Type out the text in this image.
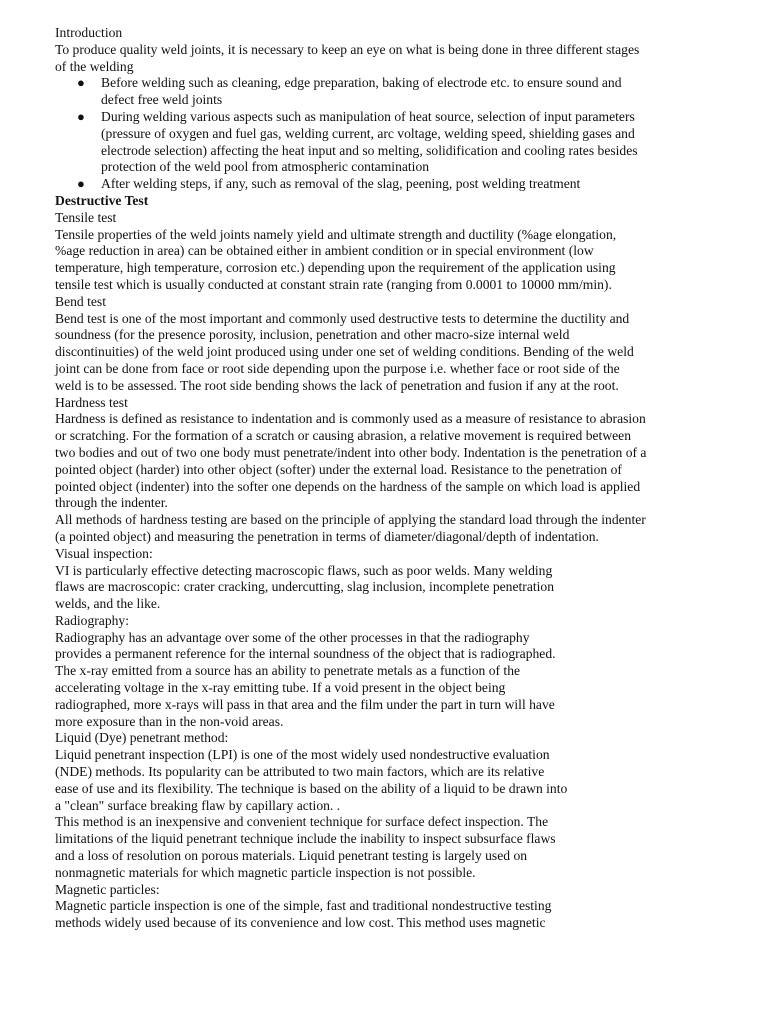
Introduction
To produce quality weld joints, it is necessary to keep an eye on what is being done in three different stages
of the welding
● Before welding such as cleaning, edge preparation, baking of electrode etc. to ensure sound and
defect free weld joints
● During welding various aspects such as manipulation of heat source, selection of input parameters
(pressure of oxygen and fuel gas, welding current, arc voltage, welding speed, shielding gases and
electrode selection) affecting the heat input and so melting, solidification and cooling rates besides
protection of the weld pool from atmospheric contamination
● After welding steps, if any, such as removal of the slag, peening, post welding treatment
Destructive Test
Tensile test
Tensile properties of the weld joints namely yield and ultimate strength and ductility (%age elongation,
%age reduction in area) can be obtained either in ambient condition or in special environment (low
temperature, high temperature, corrosion etc.) depending upon the requirement of the application using
tensile test which is usually conducted at constant strain rate (ranging from 0.0001 to 10000 mm/min).
Bend test
Bend test is one of the most important and commonly used destructive tests to determine the ductility and
soundness (for the presence porosity, inclusion, penetration and other macro-size internal weld
discontinuities) of the weld joint produced using under one set of welding conditions. Bending of the weld
joint can be done from face or root side depending upon the purpose i.e. whether face or root side of the
weld is to be assessed. The root side bending shows the lack of penetration and fusion if any at the root.
Hardness test
Hardness is defined as resistance to indentation and is commonly used as a measure of resistance to abrasion
or scratching. For the formation of a scratch or causing abrasion, a relative movement is required between
two bodies and out of two one body must penetrate/indent into other body. Indentation is the penetration of a
pointed object (harder) into other object (softer) under the external load. Resistance to the penetration of
pointed object (indenter) into the softer one depends on the hardness of the sample on which load is applied
through the indenter.
All methods of hardness testing are based on the principle of applying the standard load through the indenter
(a pointed object) and measuring the penetration in terms of diameter/diagonal/depth of indentation.
Visual inspection:
VI is particularly effective detecting macroscopic flaws, such as poor welds. Many welding
flaws are macroscopic: crater cracking, undercutting, slag inclusion, incomplete penetration
welds, and the like.
Radiography:
Radiography has an advantage over some of the other processes in that the radiography
provides a permanent reference for the internal soundness of the object that is radiographed.
The x-ray emitted from a source has an ability to penetrate metals as a function of the
accelerating voltage in the x-ray emitting tube. If a void present in the object being
radiographed, more x-rays will pass in that area and the film under the part in turn will have
more exposure than in the non-void areas.
Liquid (Dye) penetrant method:
Liquid penetrant inspection (LPI) is one of the most widely used nondestructive evaluation
(NDE) methods. Its popularity can be attributed to two main factors, which are its relative
ease of use and its flexibility. The technique is based on the ability of a liquid to be drawn into
a "clean" surface breaking flaw by capillary action. .
This method is an inexpensive and convenient technique for surface defect inspection. The
limitations of the liquid penetrant technique include the inability to inspect subsurface flaws
and a loss of resolution on porous materials. Liquid penetrant testing is largely used on
nonmagnetic materials for which magnetic particle inspection is not possible.
Magnetic particles:
Magnetic particle inspection is one of the simple, fast and traditional nondestructive testing
methods widely used because of its convenience and low cost. This method uses magnetic
